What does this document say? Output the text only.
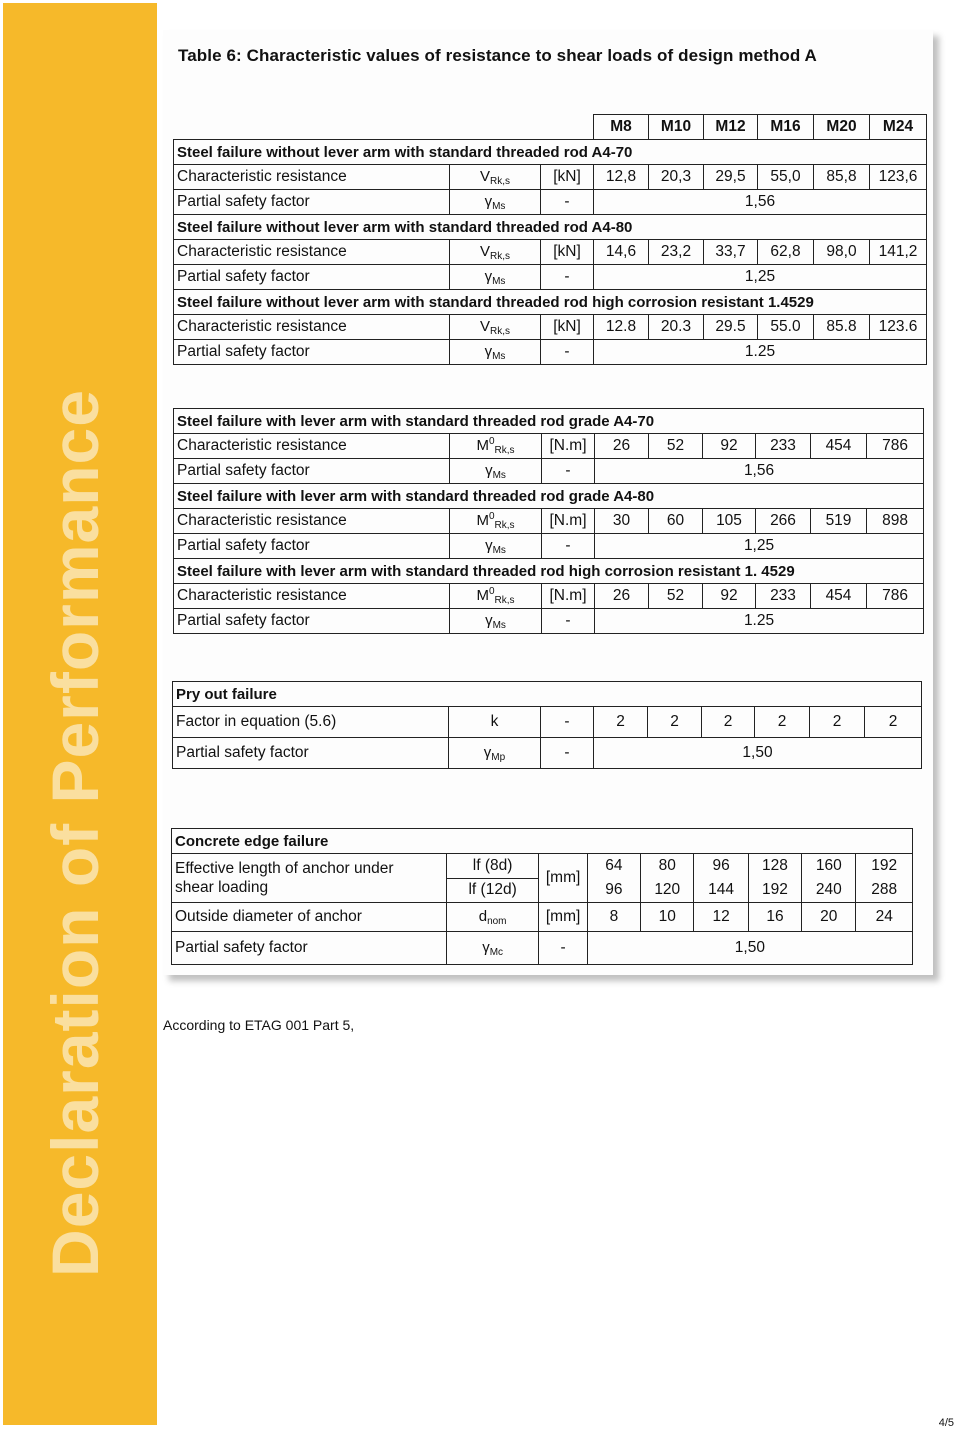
Declaration of Performance
Table 6: Characteristic values of resistance to shear loads of design method A
			M8	M10	M12	M16	M20	M24
Steel failure without lever arm with standard threaded rod A4-70								
Characteristic resistance	$V_{Rk,s}$	[kN]	12,8	20,3	29,5	55,0	85,8	123,6
Partial safety factor	$\gamma_{Ms}$	-	1,56					
Steel failure without lever arm with standard threaded rod A4-80								
Characteristic resistance	$V_{Rk,s}$	[kN]	14,6	23,2	33,7	62,8	98,0	141,2
Partial safety factor	$\gamma_{Ms}$	-	1,25					
Steel failure without lever arm with standard threaded rod high corrosion resistant 1.4529								
Characteristic resistance	$V_{Rk,s}$	[kN]	12.8	20.3	29.5	55.0	85.8	123.6
Partial safety factor	$\gamma_{Ms}$	-	1.25					
Steel failure with lever arm with standard threaded rod grade A4-70								
Characteristic resistance	$M^0_{Rk,s}$	[N.m]	26	52	92	233	454	786
Partial safety factor	$\gamma_{Ms}$	-	1,56					
Steel failure with lever arm with standard threaded rod grade A4-80								
Characteristic resistance	$M^0_{Rk,s}$	[N.m]	30	60	105	266	519	898
Partial safety factor	$\gamma_{Ms}$	-	1,25					
Steel failure with lever arm with standard threaded rod high corrosion resistant 1. 4529								
Characteristic resistance	$M^0_{Rk,s}$	[N.m]	26	52	92	233	454	786
Partial safety factor	$\gamma_{Ms}$	-	1.25					
Pry out failure								
Factor in equation (5.6)	k	-	2	2	2	2	2	2
Partial safety factor	$\gamma_{Mp}$	-	1,50					
Concrete edge failure								
Effective length of anchor under
shear loading	lf (8d)	[mm]	64	80	96	128	160	192
	lf (12d)		96	120	144	192	240	288
Outside diameter of anchor	$d_{nom}$	[mm]	8	10	12	16	20	24
Partial safety factor	$\gamma_{Mc}$	-	1,50					
According to ETAG 001 Part 5,
4/5
